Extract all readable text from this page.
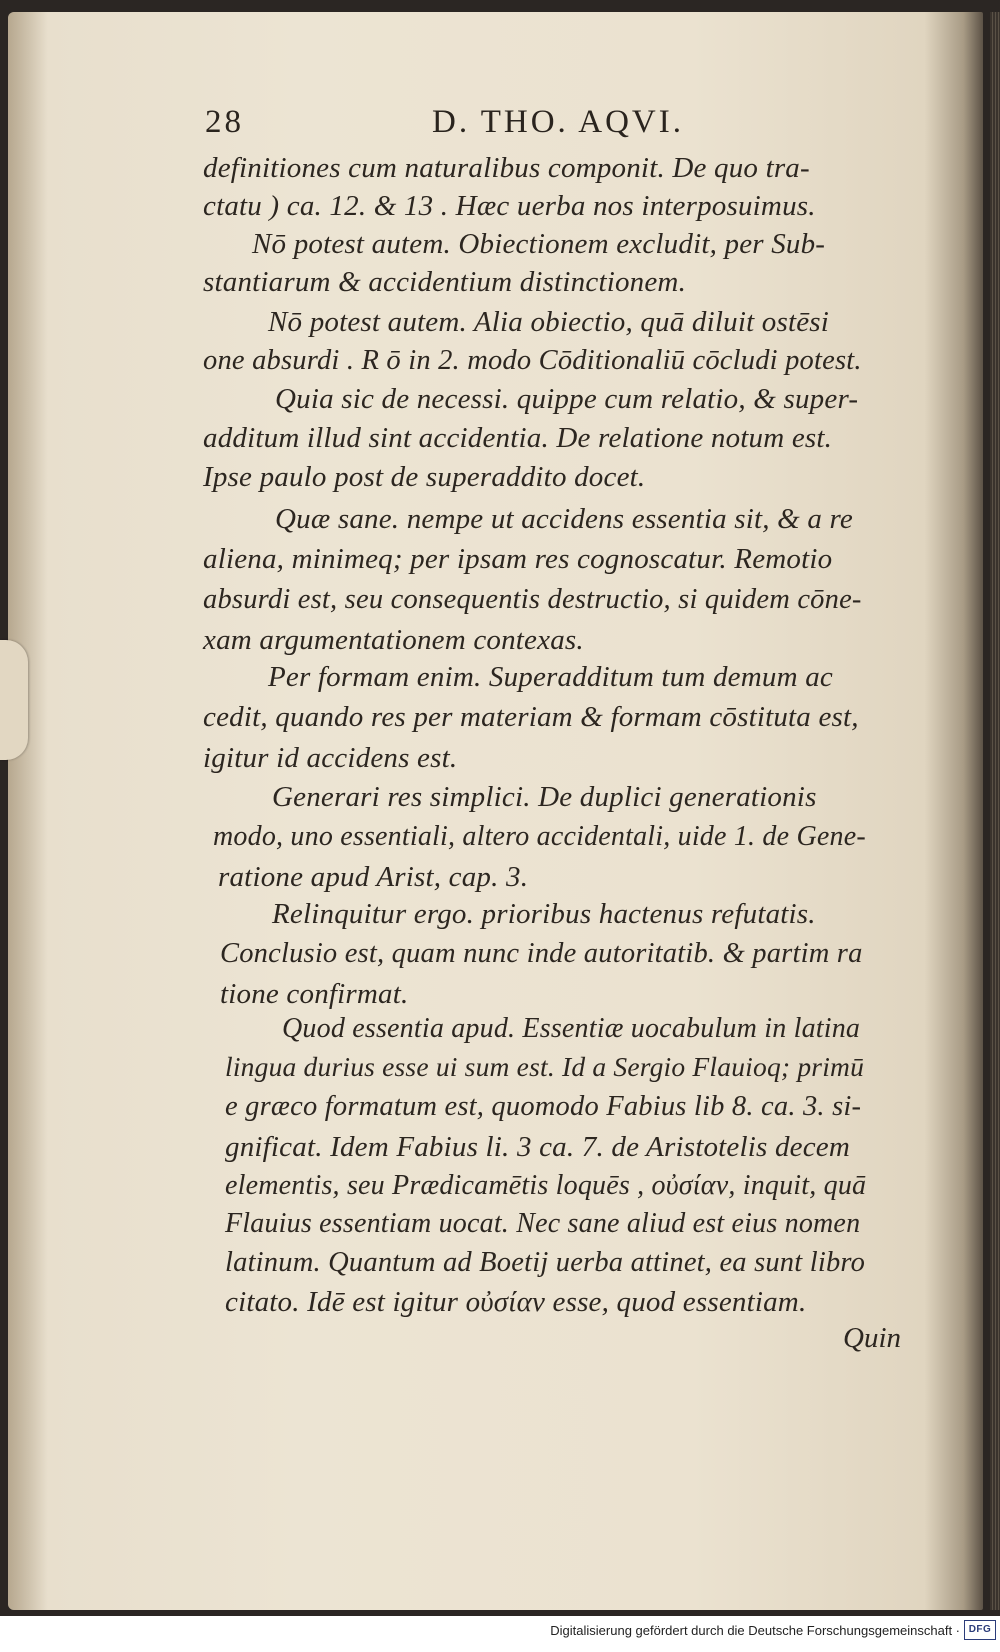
28	D. THO. AQVI.
definitiones cum naturalibus componit. De quo tra-
ctatu ) ca. 12. & 13 . Hæc uerba nos interposuimus.
Nō potest autem. Obiectionem excludit, per Sub-
stantiarum & accidentium distinctionem.
Nō potest autem. Alia obiectio, quā diluit ostēsi
one absurdi . R ō in 2. modo Cōditionaliū cōcludi potest.
Quia sic de necessi. quippe cum relatio, & super-
additum illud sint accidentia. De relatione notum est.
Ipse paulo post de superaddito docet.
Quæ sane. nempe ut accidens essentia sit, & a re
aliena, minimeq; per ipsam res cognoscatur. Remotio
absurdi est, seu consequentis destructio, si quidem cōne-
xam argumentationem contexas.
Per formam enim. Superadditum tum demum ac
cedit, quando res per materiam & formam cōstituta est,
igitur id accidens est.
Generari res simplici. De duplici generationis
modo, uno essentiali, altero accidentali, uide 1. de Gene-
ratione apud Arist, cap. 3.
Relinquitur ergo. prioribus hactenus refutatis.
Conclusio est, quam nunc inde autoritatib. & partim ra
tione confirmat.
Quod essentia apud. Essentiæ uocabulum in latina
lingua durius esse ui sum est. Id a Sergio Flauioq; primū
e græco formatum est, quomodo Fabius lib 8. ca. 3. si-
gnificat. Idem Fabius li. 3 ca. 7. de Aristotelis decem
elementis, seu Prædicamētis loquēs , οὐσίαν, inquit, quā
Flauius essentiam uocat. Nec sane aliud est eius nomen
latinum. Quantum ad Boetij uerba attinet, ea sunt libro
citato. Idē est igitur οὐσίαν esse, quod essentiam.
Quin
Digitalisierung gefördert durch die Deutsche Forschungsgemeinschaft · DFG
